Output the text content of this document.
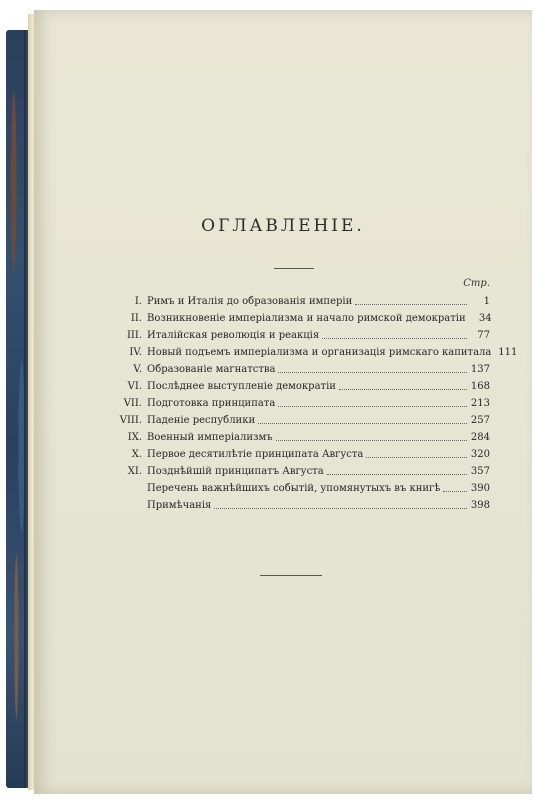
ОГЛАВЛЕНІЕ.
Стр.
I. Римъ и Италія до образованія имперіи	1
II. Возникновеніе имперіализма и начало римской демократіи	34
III. Италійская революція и реакція	77
IV. Новый подъемъ имперіализма и организація римскаго капитала 111
V. Образованіе магнатства	137
VI. Послѣднее выступленіе демократіи	168
VII. Подготовка принципата	213
VIII. Паденіе республики	257
IX. Военный имперіализмъ	284
X. Первое десятилѣтіе принципата Августа	320
XI. Позднѣйшій принципатъ Августа	357
Перечень важнѣйшихъ событій, упомянутыхъ въ книгѣ	390
Примѣчанія	398
